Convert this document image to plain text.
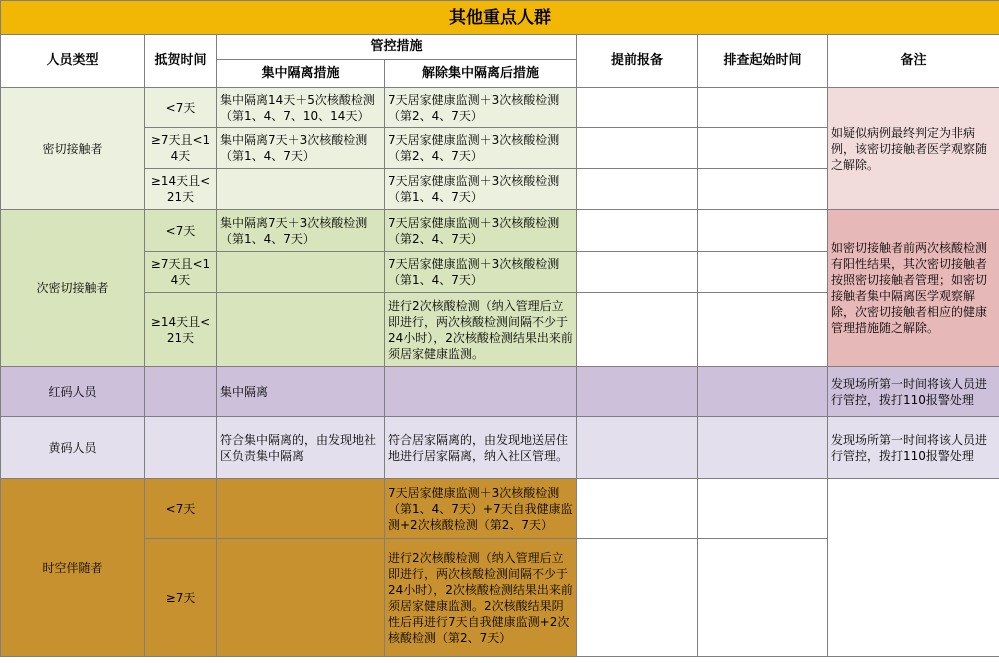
其他重点人群						
人员类型	抵贺时间	管控措施		提前报备	排查起始时间	备注
		集中隔离措施	解除集中隔离后措施			
密切接触者	<7天	集中隔离14天＋5次核酸检测（第1、4、7、10、14天）	7天居家健康监测＋3次核酸检测（第2、4、7天）			如疑似病例最终判定为非病例，该密切接触者医学观察随之解除。
	≥7天且<14天	集中隔离7天＋3次核酸检测（第1、4、7天）	7天居家健康监测＋3次核酸检测（第2、4、7天）			
	≥14天且<21天		7天居家健康监测＋3次核酸检测（第1、4、7天）			
次密切接触者	<7天	集中隔离7天＋3次核酸检测（第1、4、7天）	7天居家健康监测＋3次核酸检测（第2、4、7天）			如密切接触者前两次核酸检测有阳性结果，其次密切接触者按照密切接触者管理；如密切接触者集中隔离医学观察解除，次密切接触者相应的健康管理措施随之解除。
	≥7天且<14天		7天居家健康监测＋3次核酸检测（第1、4、7天）			
	≥14天且<21天		进行2次核酸检测（纳入管理后立即进行，两次核酸检测间隔不少于24小时），2次核酸检测结果出来前须居家健康监测。			
红码人员		集中隔离				发现场所第一时间将该人员进行管控，拨打110报警处理
黄码人员		符合集中隔离的，由发现地社区负责集中隔离	符合居家隔离的，由发现地送居住地进行居家隔离，纳入社区管理。			发现场所第一时间将该人员进行管控，拨打110报警处理
时空伴随者	<7天		7天居家健康监测＋3次核酸检测（第1、4、7天）+7天自我健康监测+2次核酸检测（第2、7天）			
	≥7天		进行2次核酸检测（纳入管理后立即进行，两次核酸检测间隔不少于24小时），2次核酸检测结果出来前须居家健康监测。2次核酸结果阴性后再进行7天自我健康监测+2次核酸检测（第2、7天）			
